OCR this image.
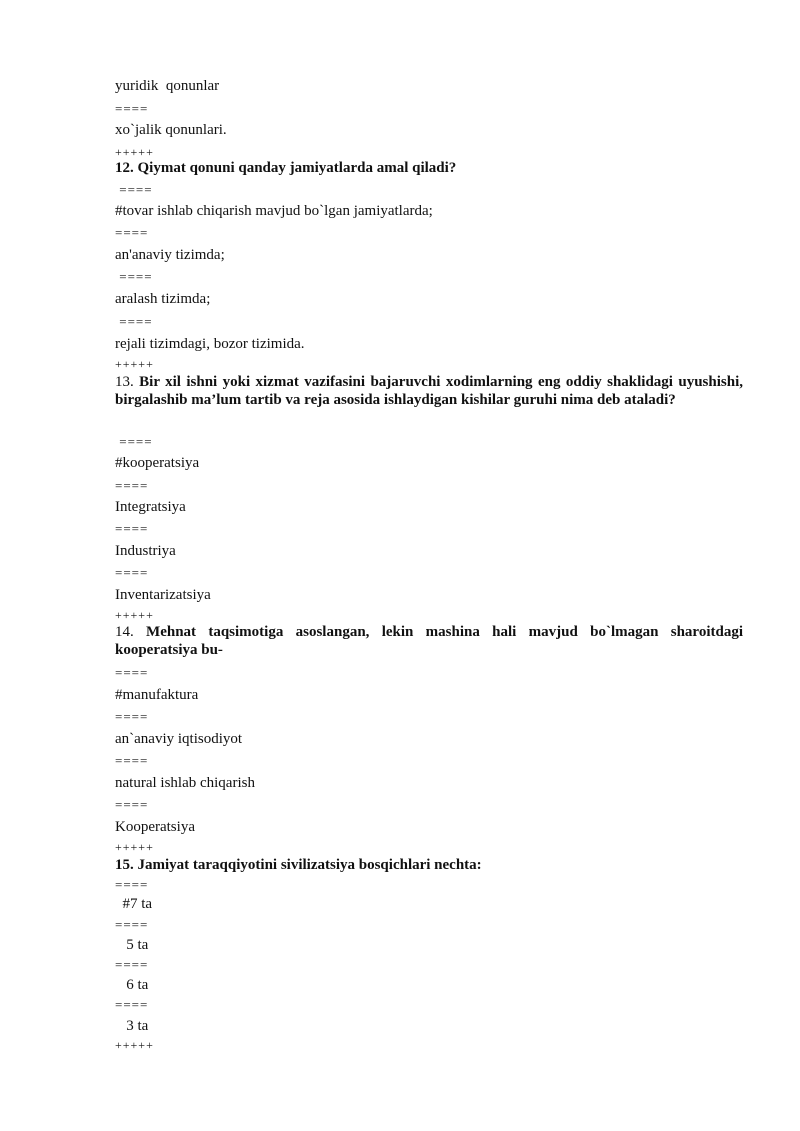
yuridik  qonunlar
====
xo`jalik qonunlari.
+++++
12. Qiymat qonuni qanday jamiyatlarda amal qiladi?
====
#tovar ishlab chiqarish mavjud bo`lgan jamiyatlarda;
====
an'anaviy tizimda;
====
aralash tizimda;
====
rejali tizimdagi, bozor tizimida.
+++++
13. Bir xil ishni yoki xizmat vazifasini bajaruvchi xodimlarning eng oddiy shaklidagi uyushishi, birgalashib ma’lum tartib va reja asosida ishlaydigan kishilar guruhi nima deb ataladi?
====
#kooperatsiya
====
Integratsiya
====
Industriya
====
Inventarizatsiya
+++++
14. Mehnat taqsimotiga asoslangan, lekin mashina hali mavjud bo`lmagan sharoitdagi kooperatsiya bu-
====
#manufaktura
====
an`anaviy iqtisodiyot
====
natural ishlab chiqarish
====
Kooperatsiya
+++++
15. Jamiyat taraqqiyotini sivilizatsiya bosqichlari nechta:
====
#7 ta
====
5 ta
====
6 ta
====
3 ta
+++++
